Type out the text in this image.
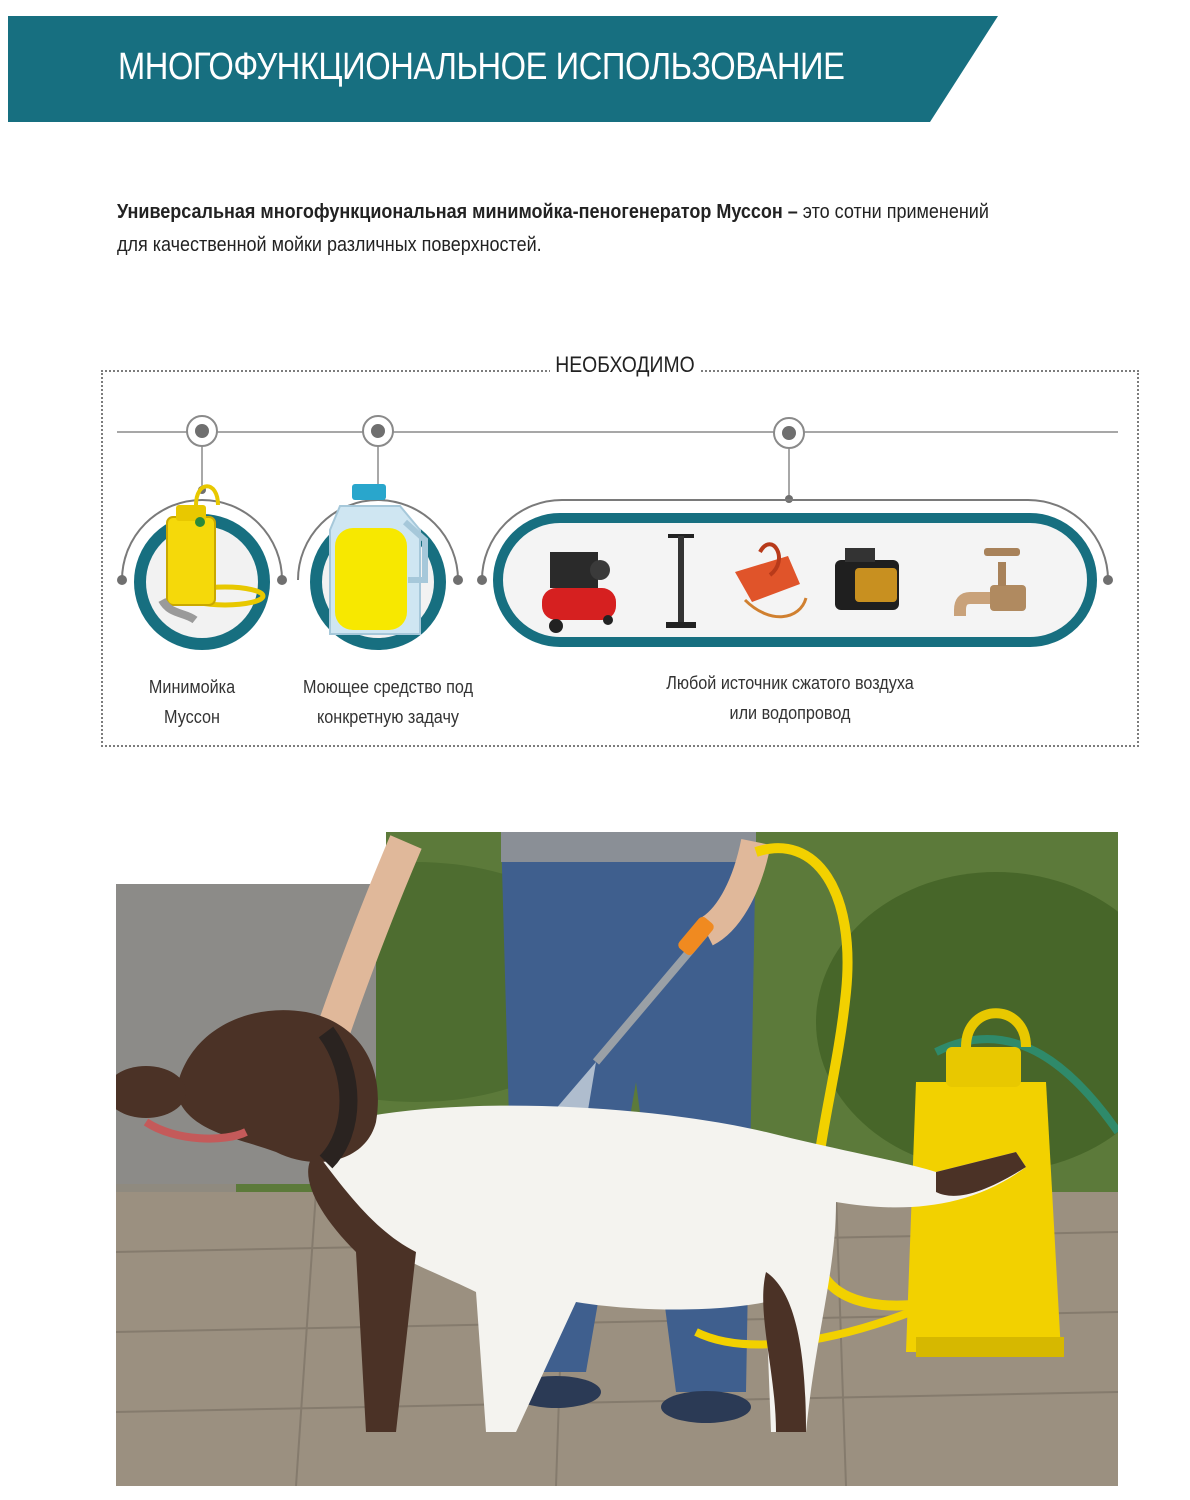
МНОГОФУНКЦИОНАЛЬНОЕ ИСПОЛЬЗОВАНИЕ
Универсальная многофункциональная минимойка-пеногенератор Муссон – это сотни применений
для качественной мойки различных поверхностей.
НЕОБХОДИМО
Минимойка
Муссон
Моющее средство под
конкретную задачу
Любой источник сжатого воздуха
или водопровод
